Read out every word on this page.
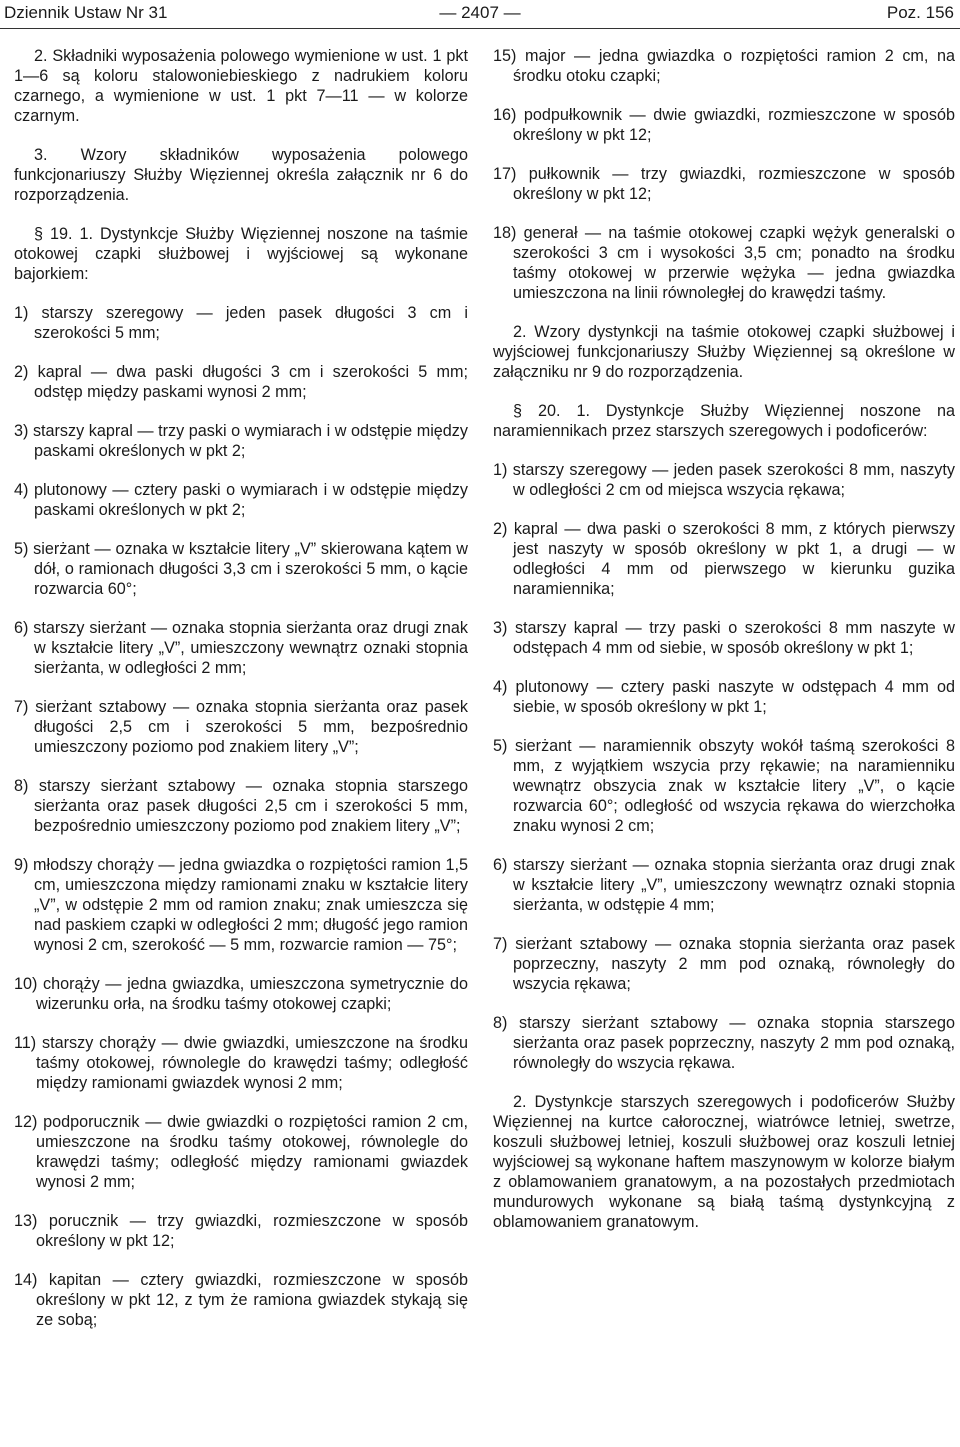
Dziennik Ustaw Nr 31	— 2407 —	Poz. 156

2. Składniki wyposażenia polowego wymienione w ust. 1 pkt 1—6 są koloru stalowoniebieskiego z nadrukiem koloru czarnego, a wymienione w ust. 1 pkt 7—11 — w kolorze czarnym.

3. Wzory składników wyposażenia polowego funkcjonariuszy Służby Więziennej określa załącznik nr 6 do rozporządzenia.

§ 19. 1. Dystynkcje Służby Więziennej noszone na taśmie otokowej czapki służbowej i wyjściowej są wykonane bajorkiem:

1) starszy szeregowy — jeden pasek długości 3 cm i szerokości 5 mm;
2) kapral — dwa paski długości 3 cm i szerokości 5 mm; odstęp między paskami wynosi 2 mm;
3) starszy kapral — trzy paski o wymiarach i w odstępie między paskami określonych w pkt 2;
4) plutonowy — cztery paski o wymiarach i w odstępie między paskami określonych w pkt 2;
5) sierżant — oznaka w kształcie litery „V” skierowana kątem w dół, o ramionach długości 3,3 cm i szerokości 5 mm, o kącie rozwarcia 60°;
6) starszy sierżant — oznaka stopnia sierżanta oraz drugi znak w kształcie litery „V”, umieszczony wewnątrz oznaki stopnia sierżanta, w odległości 2 mm;
7) sierżant sztabowy — oznaka stopnia sierżanta oraz pasek długości 2,5 cm i szerokości 5 mm, bezpośrednio umieszczony poziomo pod znakiem litery „V”;
8) starszy sierżant sztabowy — oznaka stopnia starszego sierżanta oraz pasek długości 2,5 cm i szerokości 5 mm, bezpośrednio umieszczony poziomo pod znakiem litery „V”;
9) młodszy chorąży — jedna gwiazdka o rozpiętości ramion 1,5 cm, umieszczona między ramionami znaku w kształcie litery „V”, w odstępie 2 mm od ramion znaku; znak umieszcza się nad paskiem czapki w odległości 2 mm; długość jego ramion wynosi 2 cm, szerokość — 5 mm, rozwarcie ramion — 75°;
10) chorąży — jedna gwiazdka, umieszczona symetrycznie do wizerunku orła, na środku taśmy otokowej czapki;
11) starszy chorąży — dwie gwiazdki, umieszczone na środku taśmy otokowej, równolegle do krawędzi taśmy; odległość między ramionami gwiazdek wynosi 2 mm;
12) podporucznik — dwie gwiazdki o rozpiętości ramion 2 cm, umieszczone na środku taśmy otokowej, równolegle do krawędzi taśmy; odległość między ramionami gwiazdek wynosi 2 mm;
13) porucznik — trzy gwiazdki, rozmieszczone w sposób określony w pkt 12;
14) kapitan — cztery gwiazdki, rozmieszczone w sposób określony w pkt 12, z tym że ramiona gwiazdek stykają się ze sobą;
15) major — jedna gwiazdka o rozpiętości ramion 2 cm, na środku otoku czapki;
16) podpułkownik — dwie gwiazdki, rozmieszczone w sposób określony w pkt 12;
17) pułkownik — trzy gwiazdki, rozmieszczone w sposób określony w pkt 12;
18) generał — na taśmie otokowej czapki wężyk generalski o szerokości 3 cm i wysokości 3,5 cm; ponadto na środku taśmy otokowej w przerwie wężyka — jedna gwiazdka umieszczona na linii równoległej do krawędzi taśmy.

2. Wzory dystynkcji na taśmie otokowej czapki służbowej i wyjściowej funkcjonariuszy Służby Więziennej są określone w załączniku nr 9 do rozporządzenia.

§ 20. 1. Dystynkcje Służby Więziennej noszone na naramiennikach przez starszych szeregowych i podoficerów:

1) starszy szeregowy — jeden pasek szerokości 8 mm, naszyty w odległości 2 cm od miejsca wszycia rękawa;
2) kapral — dwa paski o szerokości 8 mm, z których pierwszy jest naszyty w sposób określony w pkt 1, a drugi — w odległości 4 mm od pierwszego w kierunku guzika naramiennika;
3) starszy kapral — trzy paski o szerokości 8 mm naszyte w odstępach 4 mm od siebie, w sposób określony w pkt 1;
4) plutonowy — cztery paski naszyte w odstępach 4 mm od siebie, w sposób określony w pkt 1;
5) sierżant — naramiennik obszyty wokół taśmą szerokości 8 mm, z wyjątkiem wszycia przy rękawie; na naramienniku wewnątrz obszycia znak w kształcie litery „V”, o kącie rozwarcia 60°; odległość od wszycia rękawa do wierzchołka znaku wynosi 2 cm;
6) starszy sierżant — oznaka stopnia sierżanta oraz drugi znak w kształcie litery „V”, umieszczony wewnątrz oznaki stopnia sierżanta, w odstępie 4 mm;
7) sierżant sztabowy — oznaka stopnia sierżanta oraz pasek poprzeczny, naszyty 2 mm pod oznaką, równoległy do wszycia rękawa;
8) starszy sierżant sztabowy — oznaka stopnia starszego sierżanta oraz pasek poprzeczny, naszyty 2 mm pod oznaką, równoległy do wszycia rękawa.

2. Dystynkcje starszych szeregowych i podoficerów Służby Więziennej na kurtce całorocznej, wiatrówce letniej, swetrze, koszuli służbowej letniej, koszuli służbowej oraz koszuli letniej wyjściowej są wykonane haftem maszynowym w kolorze białym z oblamowaniem granatowym, a na pozostałych przedmiotach mundurowych wykonane są białą taśmą dystynkcyjną z oblamowaniem granatowym.
